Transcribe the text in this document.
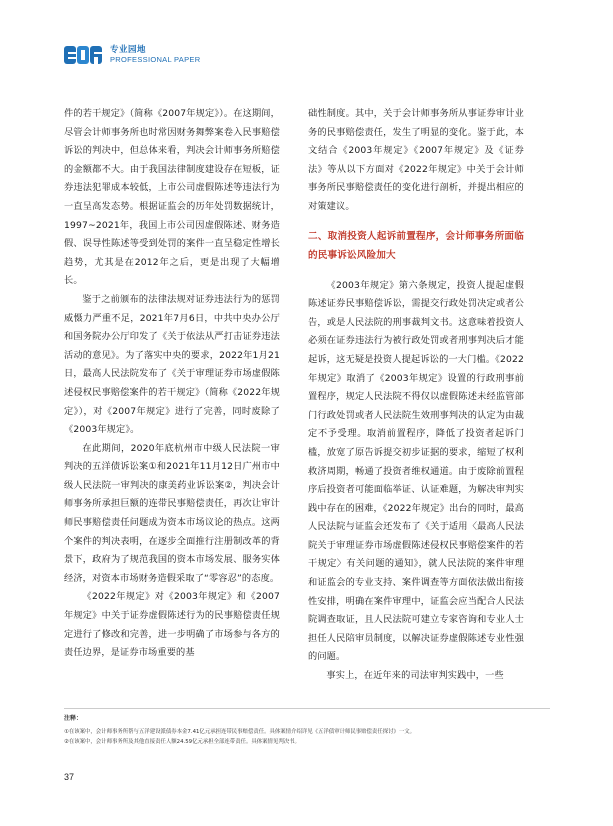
专业园地
PROFESSIONAL PAPER

件的若干规定》（简称《2007年规定》）。在这期间，尽管会计师事务所也时常因财务舞弊案卷入民事赔偿诉讼的判决中，但总体来看，判决会计师事务所赔偿的金额都不大。由于我国法律制度建设存在短板，证券违法犯罪成本较低，上市公司虚假陈述等违法行为一直呈高发态势。根据证监会的历年处罚数据统计，1997~2021年，我国上市公司因虚假陈述、财务造假、误导性陈述等受到处罚的案件一直呈稳定性增长趋势，尤其是在2012年之后，更是出现了大幅增长。

鉴于之前颁布的法律法规对证券违法行为的惩罚威慑力严重不足，2021年7月6日，中共中央办公厅和国务院办公厅印发了《关于依法从严打击证券违法活动的意见》。为了落实中央的要求，2022年1月21日，最高人民法院发布了《关于审理证券市场虚假陈述侵权民事赔偿案件的若干规定》（简称《2022年规定》），对《2007年规定》进行了完善，同时废除了《2003年规定》。

在此期间，2020年底杭州市中级人民法院一审判决的五洋债诉讼案①和2021年11月12日广州市中级人民法院一审判决的康美药业诉讼案②，判决会计师事务所承担巨额的连带民事赔偿责任，再次让审计师民事赔偿责任问题成为资本市场议论的热点。这两个案件的判决表明，在逐步全面推行注册制改革的背景下，政府为了规范我国的资本市场发展、服务实体经济，对资本市场财务造假采取了“零容忍”的态度。

《2022年规定》对《2003年规定》和《2007年规定》中关于证券虚假陈述行为的民事赔偿责任规定进行了修改和完善，进一步明确了市场参与各方的责任边界，是证券市场重要的基

础性制度。其中，关于会计师事务所从事证券审计业务的民事赔偿责任，发生了明显的变化。鉴于此，本文结合《2003年规定》《2007年规定》及《证券法》等从以下方面对《2022年规定》中关于会计师事务所民事赔偿责任的变化进行剖析，并提出相应的对策建议。

二、取消投资人起诉前置程序，会计师事务所面临的民事诉讼风险加大

《2003年规定》第六条规定，投资人提起虚假陈述证券民事赔偿诉讼，需提交行政处罚决定或者公告，或是人民法院的刑事裁判文书。这意味着投资人必须在证券违法行为被行政处罚或者刑事判决后才能起诉，这无疑是投资人提起诉讼的一大门槛。《2022年规定》取消了《2003年规定》设置的行政刑事前置程序，规定人民法院不得仅以虚假陈述未经监管部门行政处罚或者人民法院生效刑事判决的认定为由裁定不予受理。取消前置程序，降低了投资者起诉门槛，放宽了原告诉提交初步证据的要求，缩短了权利救济周期，畅通了投资者维权通道。由于废除前置程序后投资者可能面临举证、认证难题，为解决审判实践中存在的困难，《2022年规定》出台的同时，最高人民法院与证监会还发布了《关于适用〈最高人民法院关于审理证券市场虚假陈述侵权民事赔偿案件的若干规定〉有关问题的通知》，就人民法院的案件审理和证监会的专业支持、案件调查等方面依法做出衔接性安排，明确在案件审理中，证监会应当配合人民法院调查取证，且人民法院可建立专家咨询和专业人士担任人民陪审员制度，以解决证券虚假陈述专业性强的问题。

事实上，在近年来的司法审判实践中，一些

注释：
①在该案中，会计师事务所帮与五洋建设派债券本金7.41亿元承担连带民事赔偿责任。具体案情介绍详见《五洋债审计师民事赔偿责任探讨》一文。
②在该案中，会计师事务所及其他直接责任人额24.59亿元承担全部连带责任。具体案情见判决书。
37
